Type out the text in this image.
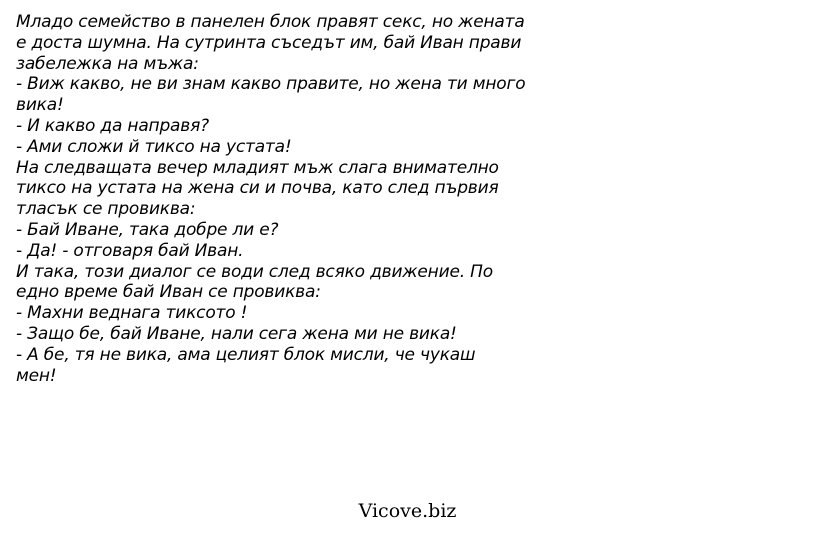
Младо семейство в панелен блок правят секс, но жената
е доста шумна. На сутринта съседът им, бай Иван прави
забележка на мъжа:
- Виж какво, не ви знам какво правите, но жена ти много
вика!
- И какво да направя?
- Ами сложи й тиксо на устата!
На следващата вечер младият мъж слага внимателно
тиксо на устата на жена си и почва, като след първия
тласък се провиква:
- Бай Иване, така добре ли е?
- Да! - отговаря бай Иван.
И така, този диалог се води след всяко движение. По
едно време бай Иван се провиква:
- Махни веднага тиксото !
- Защо бе, бай Иване, нали сега жена ми не вика!
- А бе, тя не вика, ама целият блок мисли, че чукаш
мен!
Vicove.biz
